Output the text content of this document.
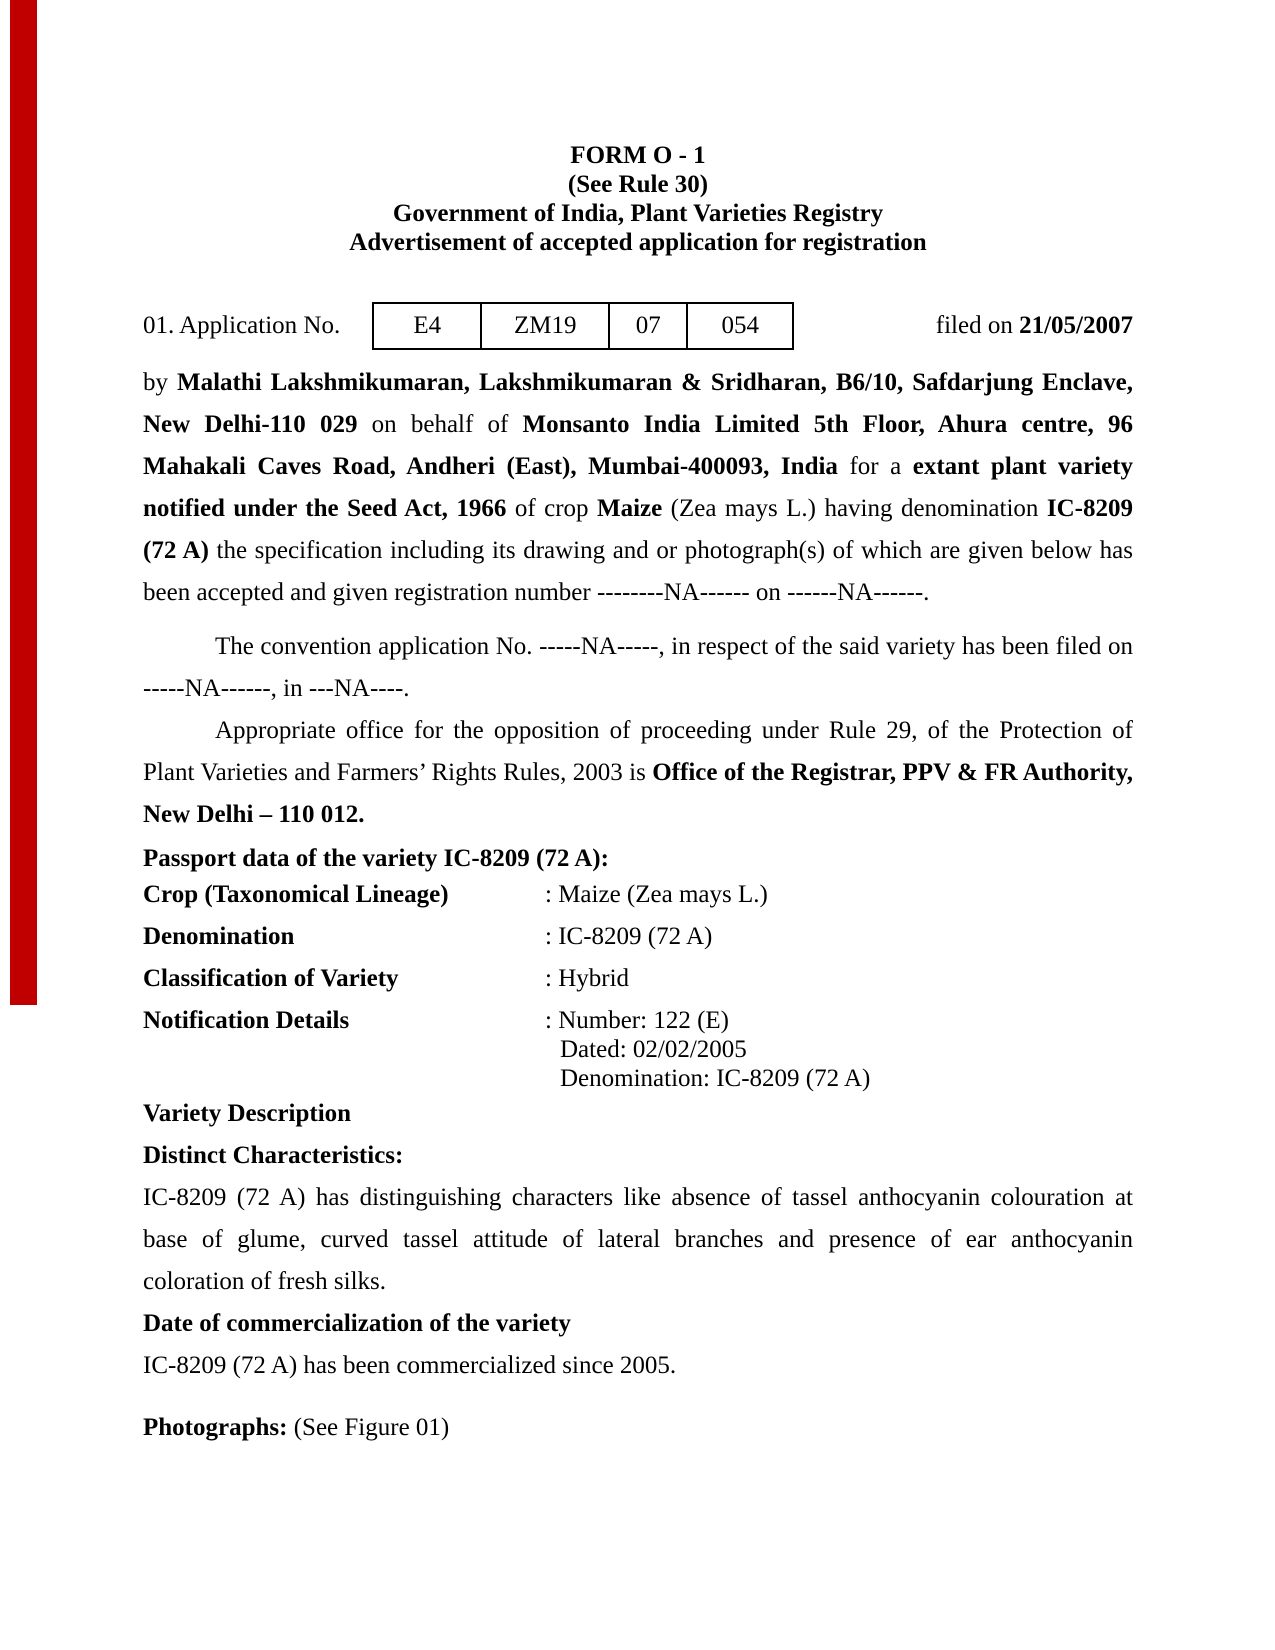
FORM O - 1
(See Rule 30)
Government of India, Plant Varieties Registry
Advertisement of accepted application for registration
01. Application No.	E4	ZM19	07	054	filed on 21/05/2007

by Malathi Lakshmikumaran, Lakshmikumaran & Sridharan, B6/10, Safdarjung Enclave, New Delhi-110 029 on behalf of Monsanto India Limited 5th Floor, Ahura centre, 96 Mahakali Caves Road, Andheri (East), Mumbai-400093, India for a extant plant variety notified under the Seed Act, 1966 of crop Maize (Zea mays L.) having denomination IC-8209 (72 A) the specification including its drawing and or photograph(s) of which are given below has been accepted and given registration number --------NA------ on ------NA------.

The convention application No. -----NA-----, in respect of the said variety has been filed on -----NA------, in ---NA----.

Appropriate office for the opposition of proceeding under Rule 29, of the Protection of Plant Varieties and Farmers’ Rights Rules, 2003 is Office of the Registrar, PPV & FR Authority, New Delhi – 110 012.

Passport data of the variety IC-8209 (72 A):
Crop (Taxonomical Lineage)	: Maize (Zea mays L.)
Denomination	: IC-8209 (72 A)
Classification of Variety	: Hybrid
Notification Details	: Number: 122 (E)
Dated: 02/02/2005
Denomination: IC-8209 (72 A)
Variety Description
Distinct Characteristics:

IC-8209 (72 A) has distinguishing characters like absence of tassel anthocyanin colouration at base of glume, curved tassel attitude of lateral branches and presence of ear anthocyanin coloration of fresh silks.

Date of commercialization of the variety
IC-8209 (72 A) has been commercialized since 2005.
Photographs: (See Figure 01)
